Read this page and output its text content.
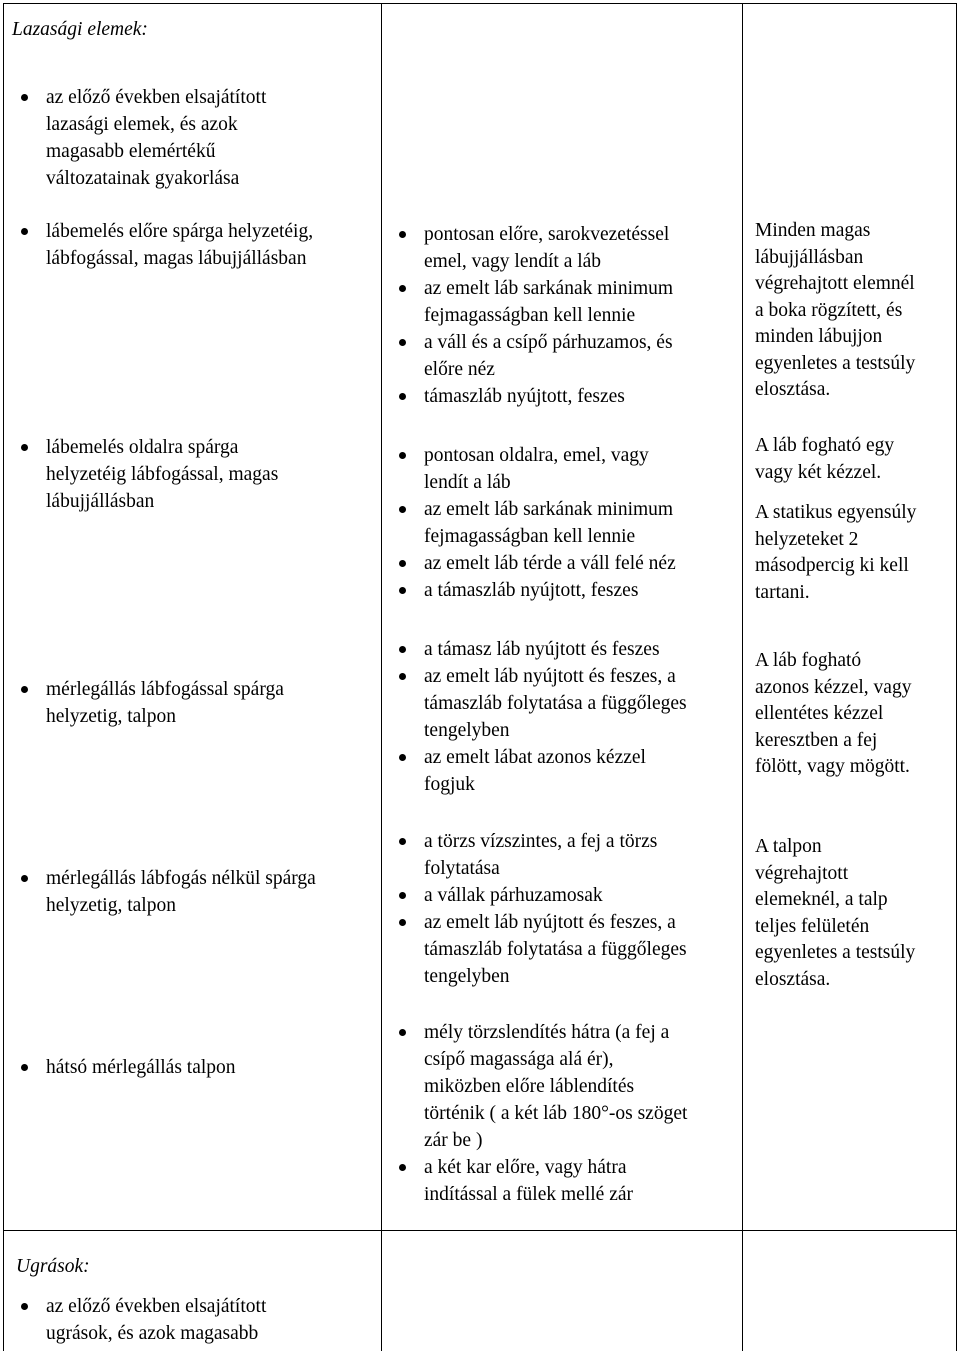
Lazasági elemek:
az előző években elsajátított
lazasági elemek, és azok
magasabb elemértékű
változatainak gyakorlása
lábemelés előre spárga helyzetéig,
lábfogással, magas lábujjállásban
pontosan előre, sarokvezetéssel
emel, vagy lendít a láb
az emelt láb sarkának minimum
fejmagasságban kell lennie
a váll és a csípő párhuzamos, és
előre néz
támaszláb nyújtott, feszes

Minden magas
lábujjállásban
végrehajtott elemnél
a boka rögzített, és
minden lábujjon
egyenletes a testsúly
elosztása.

lábemelés oldalra spárga
helyzetéig lábfogással, magas
lábujjállásban
pontosan oldalra, emel, vagy
lendít a láb
az emelt láb sarkának minimum
fejmagasságban kell lennie
az emelt láb térde a váll felé néz
a támaszláb nyújtott, feszes

A láb fogható egy
vagy két kézzel.

A statikus egyensúly
helyzeteket 2
másodpercig ki kell
tartani.

mérlegállás lábfogással spárga
helyzetig, talpon
a támasz láb nyújtott és feszes
az emelt láb nyújtott és feszes, a
támaszláb folytatása a függőleges
tengelyben
az emelt lábat azonos kézzel
fogjuk

A láb fogható
azonos kézzel, vagy
ellentétes kézzel
keresztben a fej
fölött, vagy mögött.

mérlegállás lábfogás nélkül spárga
helyzetig, talpon
a törzs vízszintes, a fej a törzs
folytatása
a vállak párhuzamosak
az emelt láb nyújtott és feszes, a
támaszláb folytatása a függőleges
tengelyben

A talpon
végrehajtott
elemeknél, a talp
teljes felületén
egyenletes a testsúly
elosztása.

hátsó mérlegállás talpon
mély törzslendítés hátra (a fej a
csípő magassága alá ér),
miközben előre láblendítés
történik ( a két láb 180°-os szöget
zár be )
a két kar előre, vagy hátra
indítással a fülek mellé zár
Ugrások:
az előző években elsajátított
ugrások, és azok magasabb
